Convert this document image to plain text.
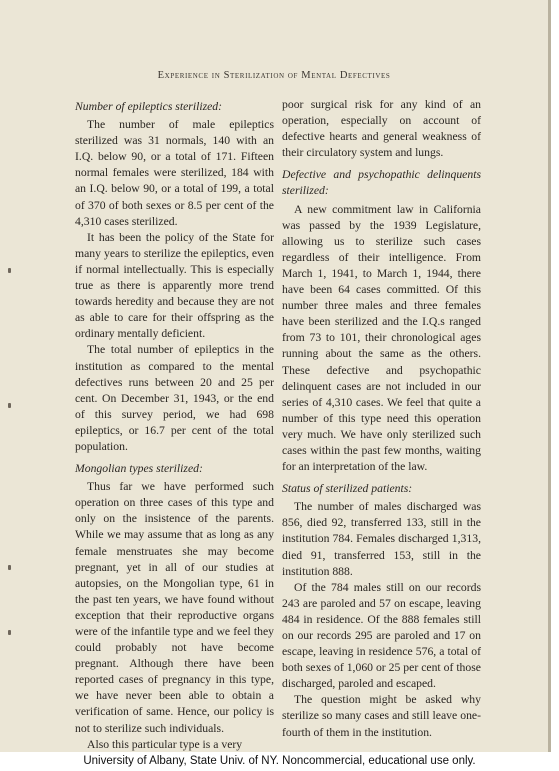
Experience in Sterilization of Mental Defectives

Number of epileptics sterilized:

The number of male epileptics sterilized was 31 normals, 140 with an I.Q. below 90, or a total of 171. Fifteen normal females were sterilized, 184 with an I.Q. below 90, or a total of 199, a total of 370 of both sexes or 8.5 per cent of the 4,310 cases sterilized.

It has been the policy of the State for many years to sterilize the epileptics, even if normal intellectually. This is especially true as there is apparently more trend towards heredity and because they are not as able to care for their offspring as the ordinary mentally deficient.

The total number of epileptics in the institution as compared to the mental defectives runs between 20 and 25 per cent. On December 31, 1943, or the end of this survey period, we had 698 epileptics, or 16.7 per cent of the total population.

Mongolian types sterilized:

Thus far we have performed such operation on three cases of this type and only on the insistence of the parents. While we may assume that as long as any female menstruates she may become pregnant, yet in all of our studies at autopsies, on the Mongolian type, 61 in the past ten years, we have found without exception that their reproductive organs were of the infantile type and we feel they could probably not have become pregnant. Although there have been reported cases of pregnancy in this type, we have never been able to obtain a verification of same. Hence, our policy is not to sterilize such individuals.

Also this particular type is a very

poor surgical risk for any kind of an operation, especially on account of defective hearts and general weakness of their circulatory system and lungs.

Defective and psychopathic delinquents sterilized:

A new commitment law in California was passed by the 1939 Legislature, allowing us to sterilize such cases regardless of their intelligence. From March 1, 1941, to March 1, 1944, there have been 64 cases committed. Of this number three males and three females have been sterilized and the I.Q.s ranged from 73 to 101, their chronological ages running about the same as the others. These defective and psychopathic delinquent cases are not included in our series of 4,310 cases. We feel that quite a number of this type need this operation very much. We have only sterilized such cases within the past few months, waiting for an interpretation of the law.

Status of sterilized patients:

The number of males discharged was 856, died 92, transferred 133, still in the institution 784. Females discharged 1,313, died 91, transferred 153, still in the institution 888.

Of the 784 males still on our records 243 are paroled and 57 on escape, leaving 484 in residence. Of the 888 females still on our records 295 are paroled and 17 on escape, leaving in residence 576, a total of both sexes of 1,060 or 25 per cent of those discharged, paroled and escaped.

The question might be asked why sterilize so many cases and still leave one-fourth of them in the institution.

University of Albany, State Univ. of NY. Noncommercial, educational use only.
